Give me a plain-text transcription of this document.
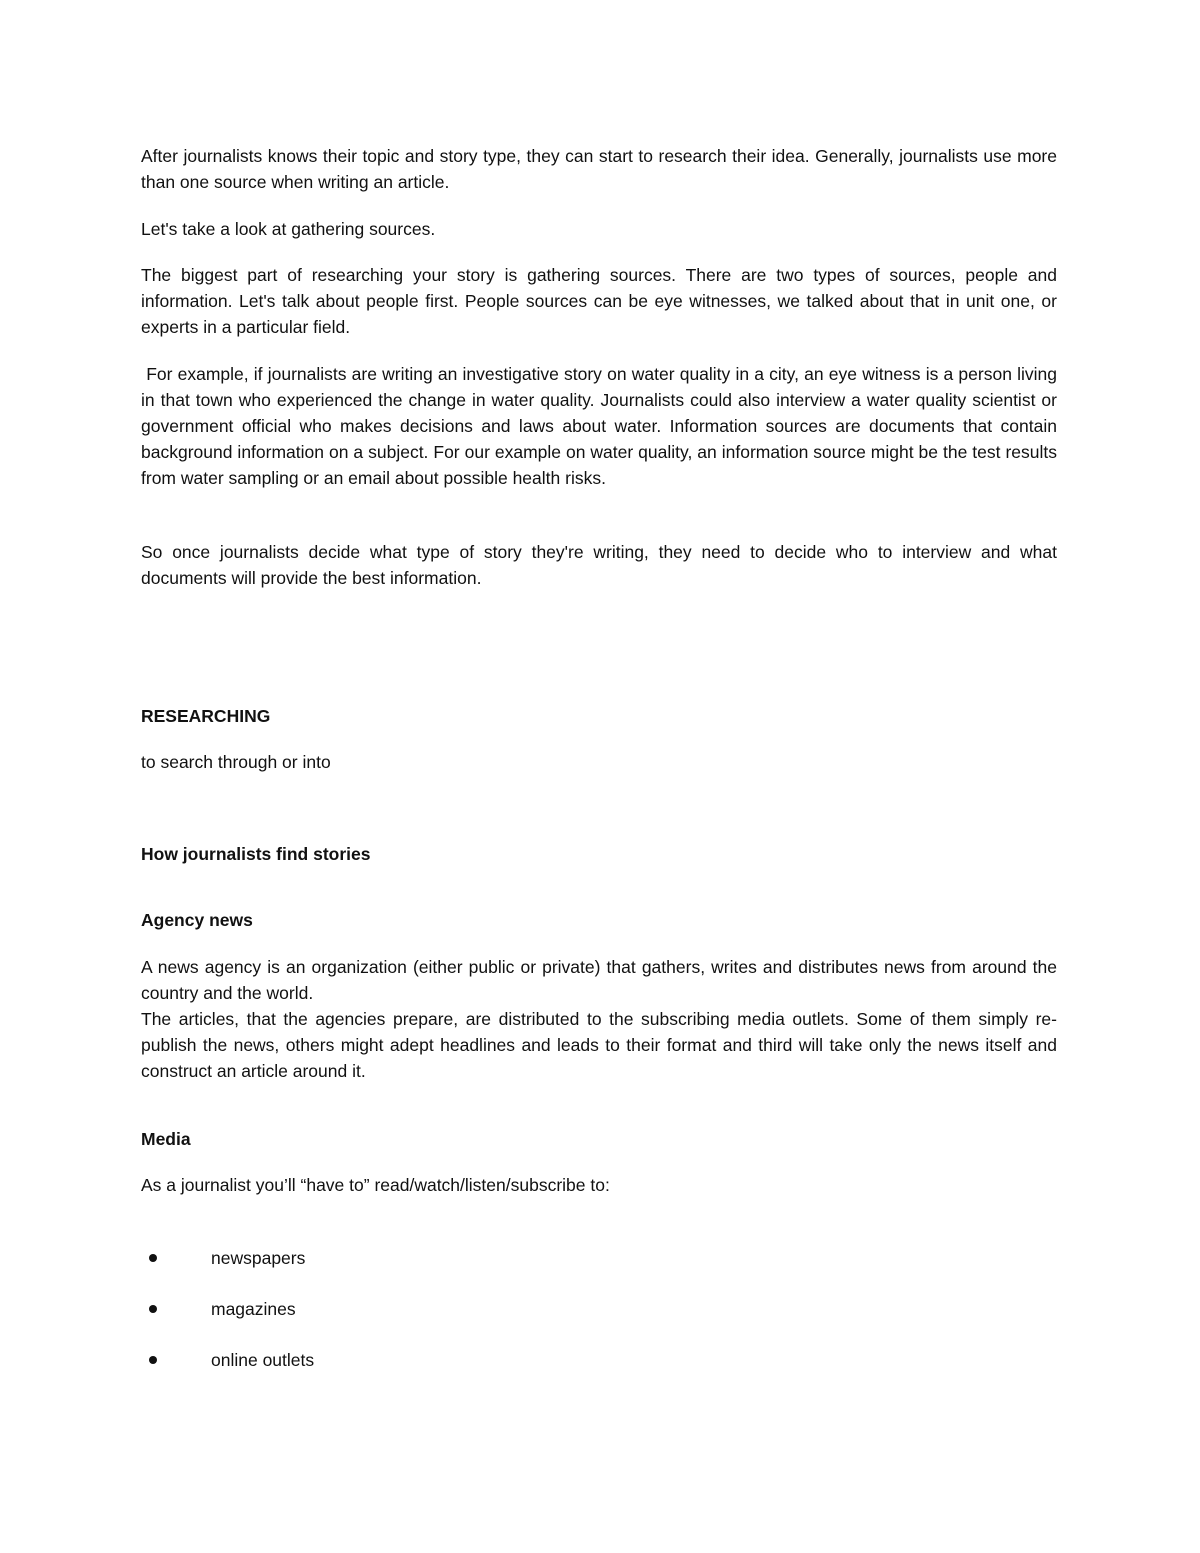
After journalists knows their topic and story type, they can start to research their idea. Generally, journalists use more than one source when writing an article.

Let's take a look at gathering sources.

The biggest part of researching your story is gathering sources. There are two types of sources, people and information. Let's talk about people first. People sources can be eye witnesses, we talked about that in unit one, or experts in a particular field.

For example, if journalists are writing an investigative story on water quality in a city, an eye witness is a person living in that town who experienced the change in water quality. Journalists could also interview a water quality scientist or government official who makes decisions and laws about water. Information sources are documents that contain background information on a subject. For our example on water quality, an information source might be the test results from water sampling or an email about possible health risks.

So once journalists decide what type of story they're writing, they need to decide who to interview and what documents will provide the best information.

RESEARCHING

to search through or into

How journalists find stories

Agency news

A news agency is an organization (either public or private) that gathers, writes and distributes news from around the country and the world.

The articles, that the agencies prepare, are distributed to the subscribing media outlets. Some of them simply re-publish the news, others might adept headlines and leads to their format and third will take only the news itself and construct an article around it.

Media

As a journalist you’ll “have to” read/watch/listen/subscribe to:

newspapers
magazines
online outlets
